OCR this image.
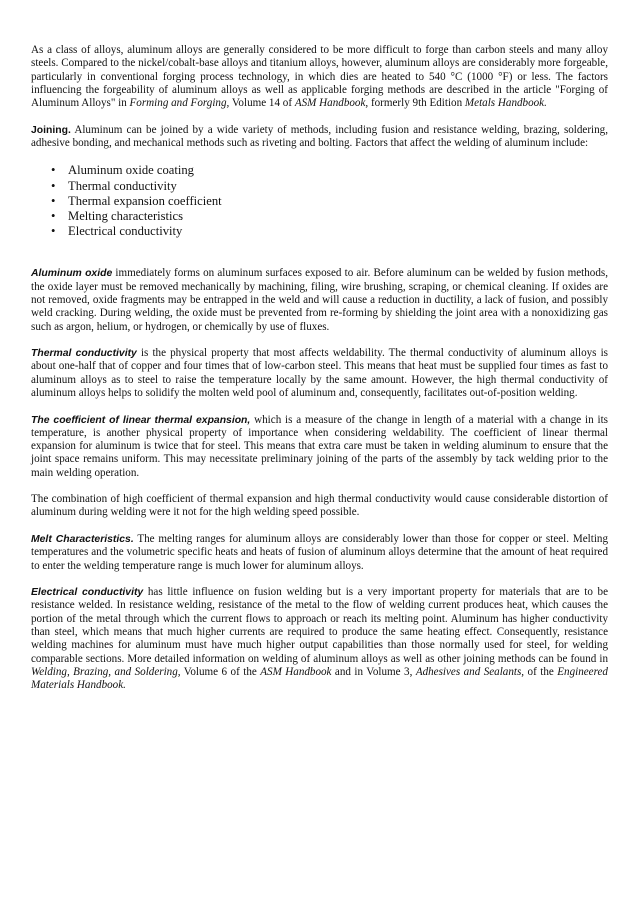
As a class of alloys, aluminum alloys are generally considered to be more difficult to forge than carbon steels and many alloy steels. Compared to the nickel/cobalt-base alloys and titanium alloys, however, aluminum alloys are considerably more forgeable, particularly in conventional forging process technology, in which dies are heated to 540 °C (1000 °F) or less. The factors influencing the forgeability of aluminum alloys as well as applicable forging methods are described in the article "Forging of Aluminum Alloys" in Forming and Forging, Volume 14 of ASM Handbook, formerly 9th Edition Metals Handbook.

Joining. Aluminum can be joined by a wide variety of methods, including fusion and resistance welding, brazing, soldering, adhesive bonding, and mechanical methods such as riveting and bolting. Factors that affect the welding of aluminum include:

• Aluminum oxide coating
• Thermal conductivity
• Thermal expansion coefficient
• Melting characteristics
• Electrical conductivity

Aluminum oxide immediately forms on aluminum surfaces exposed to air. Before aluminum can be welded by fusion methods, the oxide layer must be removed mechanically by machining, filing, wire brushing, scraping, or chemical cleaning. If oxides are not removed, oxide fragments may be entrapped in the weld and will cause a reduction in ductility, a lack of fusion, and possibly weld cracking. During welding, the oxide must be prevented from re-forming by shielding the joint area with a nonoxidizing gas such as argon, helium, or hydrogen, or chemically by use of fluxes.

Thermal conductivity is the physical property that most affects weldability. The thermal conductivity of aluminum alloys is about one-half that of copper and four times that of low-carbon steel. This means that heat must be supplied four times as fast to aluminum alloys as to steel to raise the temperature locally by the same amount. However, the high thermal conductivity of aluminum alloys helps to solidify the molten weld pool of aluminum and, consequently, facilitates out-of-position welding.

The coefficient of linear thermal expansion, which is a measure of the change in length of a material with a change in its temperature, is another physical property of importance when considering weldability. The coefficient of linear thermal expansion for aluminum is twice that for steel. This means that extra care must be taken in welding aluminum to ensure that the joint space remains uniform. This may necessitate preliminary joining of the parts of the assembly by tack welding prior to the main welding operation.

The combination of high coefficient of thermal expansion and high thermal conductivity would cause considerable distortion of aluminum during welding were it not for the high welding speed possible.

Melt Characteristics. The melting ranges for aluminum alloys are considerably lower than those for copper or steel. Melting temperatures and the volumetric specific heats and heats of fusion of aluminum alloys determine that the amount of heat required to enter the welding temperature range is much lower for aluminum alloys.

Electrical conductivity has little influence on fusion welding but is a very important property for materials that are to be resistance welded. In resistance welding, resistance of the metal to the flow of welding current produces heat, which causes the portion of the metal through which the current flows to approach or reach its melting point. Aluminum has higher conductivity than steel, which means that much higher currents are required to produce the same heating effect. Consequently, resistance welding machines for aluminum must have much higher output capabilities than those normally used for steel, for welding comparable sections. More detailed information on welding of aluminum alloys as well as other joining methods can be found in Welding, Brazing, and Soldering, Volume 6 of the ASM Handbook and in Volume 3, Adhesives and Sealants, of the Engineered Materials Handbook.
